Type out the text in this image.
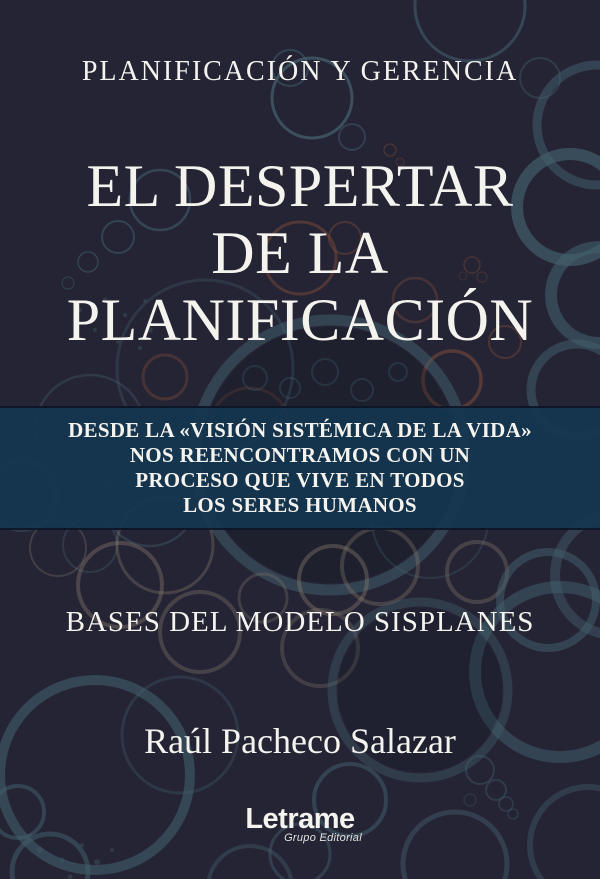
PLANIFICACIÓN Y GERENCIA
EL DESPERTAR
DE LA
PLANIFICACIÓN
DESDE LA «VISIÓN SISTÉMICA DE LA VIDA»
NOS REENCONTRAMOS CON UN
PROCESO QUE VIVE EN TODOS
LOS SERES HUMANOS
BASES DEL MODELO SISPLANES
Raúl Pacheco Salazar
Letrame
Grupo Editorial
